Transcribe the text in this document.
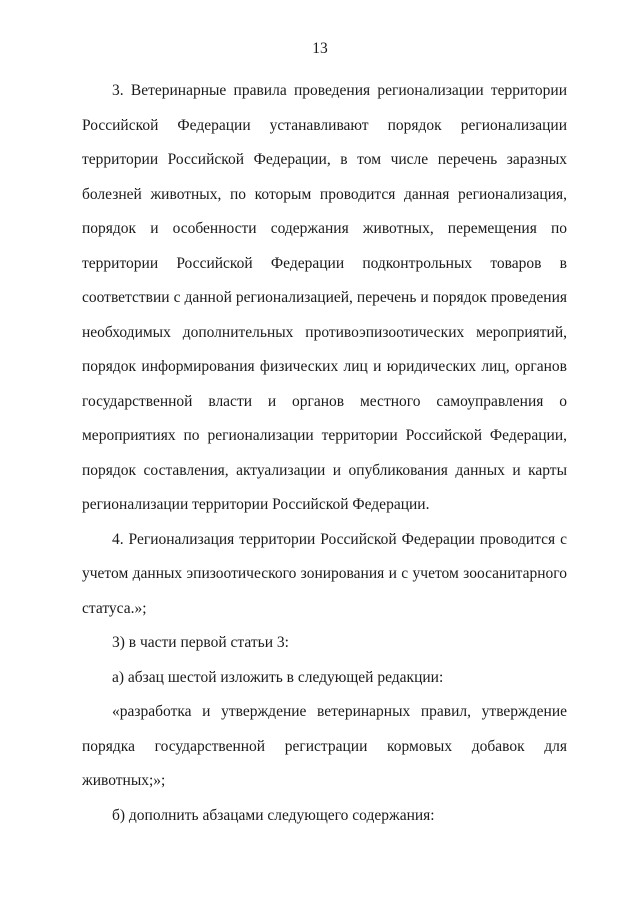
13

3. Ветеринарные правила проведения регионализации территории Российской Федерации устанавливают порядок регионализации территории Российской Федерации, в том числе перечень заразных болезней животных, по которым проводится данная регионализация, порядок и особенности содержания животных, перемещения по территории Российской Федерации подконтрольных товаров в соответствии с данной регионализацией, перечень и порядок проведения необходимых дополнительных противоэпизоотических мероприятий, порядок информирования физических лиц и юридических лиц, органов государственной власти и органов местного самоуправления о мероприятиях по регионализации территории Российской Федерации, порядок составления, актуализации и опубликования данных и карты регионализации территории Российской Федерации.

4. Регионализация территории Российской Федерации проводится с учетом данных эпизоотического зонирования и с учетом зоосанитарного статуса.»;

3) в части первой статьи 3:

а) абзац шестой изложить в следующей редакции:

«разработка и утверждение ветеринарных правил, утверждение порядка государственной регистрации кормовых добавок для животных;»;

б) дополнить абзацами следующего содержания:
